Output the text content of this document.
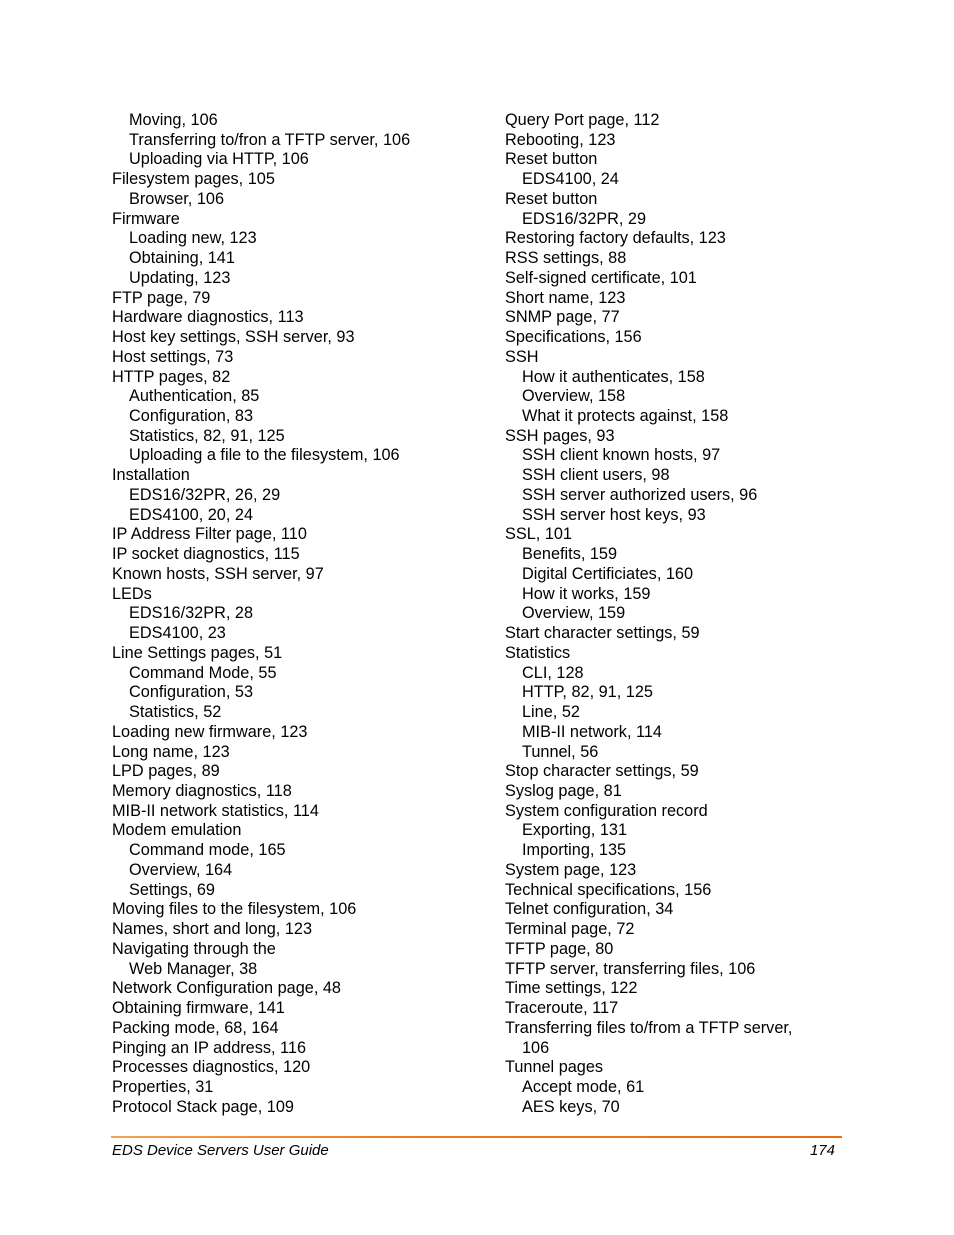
Moving, 106
Transferring to/fron a TFTP server, 106
Uploading via HTTP, 106
Filesystem pages, 105
Browser, 106
Firmware
Loading new, 123
Obtaining, 141
Updating, 123
FTP page, 79
Hardware diagnostics, 113
Host key settings, SSH server, 93
Host settings, 73
HTTP pages, 82
Authentication, 85
Configuration, 83
Statistics, 82, 91, 125
Uploading a file to the filesystem, 106
Installation
EDS16/32PR, 26, 29
EDS4100, 20, 24
IP Address Filter page, 110
IP socket diagnostics, 115
Known hosts, SSH server, 97
LEDs
EDS16/32PR, 28
EDS4100, 23
Line Settings pages, 51
Command Mode, 55
Configuration, 53
Statistics, 52
Loading new firmware, 123
Long name, 123
LPD pages, 89
Memory diagnostics, 118
MIB-II network statistics, 114
Modem emulation
Command mode, 165
Overview, 164
Settings, 69
Moving files to the filesystem, 106
Names, short and long, 123
Navigating through the
Web Manager, 38
Network Configuration page, 48
Obtaining firmware, 141
Packing mode, 68, 164
Pinging an IP address, 116
Processes diagnostics, 120
Properties, 31
Protocol Stack page, 109
Query Port page, 112
Rebooting, 123
Reset button
EDS4100, 24
Reset button
EDS16/32PR, 29
Restoring factory defaults, 123
RSS settings, 88
Self-signed certificate, 101
Short name, 123
SNMP page, 77
Specifications, 156
SSH
How it authenticates, 158
Overview, 158
What it protects against, 158
SSH pages, 93
SSH client known hosts, 97
SSH client users, 98
SSH server authorized users, 96
SSH server host keys, 93
SSL, 101
Benefits, 159
Digital Certificiates, 160
How it works, 159
Overview, 159
Start character settings, 59
Statistics
CLI, 128
HTTP, 82, 91, 125
Line, 52
MIB-II network, 114
Tunnel, 56
Stop character settings, 59
Syslog page, 81
System configuration record
Exporting, 131
Importing, 135
System page, 123
Technical specifications, 156
Telnet configuration, 34
Terminal page, 72
TFTP page, 80
TFTP server, transferring files, 106
Time settings, 122
Traceroute, 117
Transferring files to/from a TFTP server,
106
Tunnel pages
Accept mode, 61
AES keys, 70
EDS Device Servers User Guide	174
